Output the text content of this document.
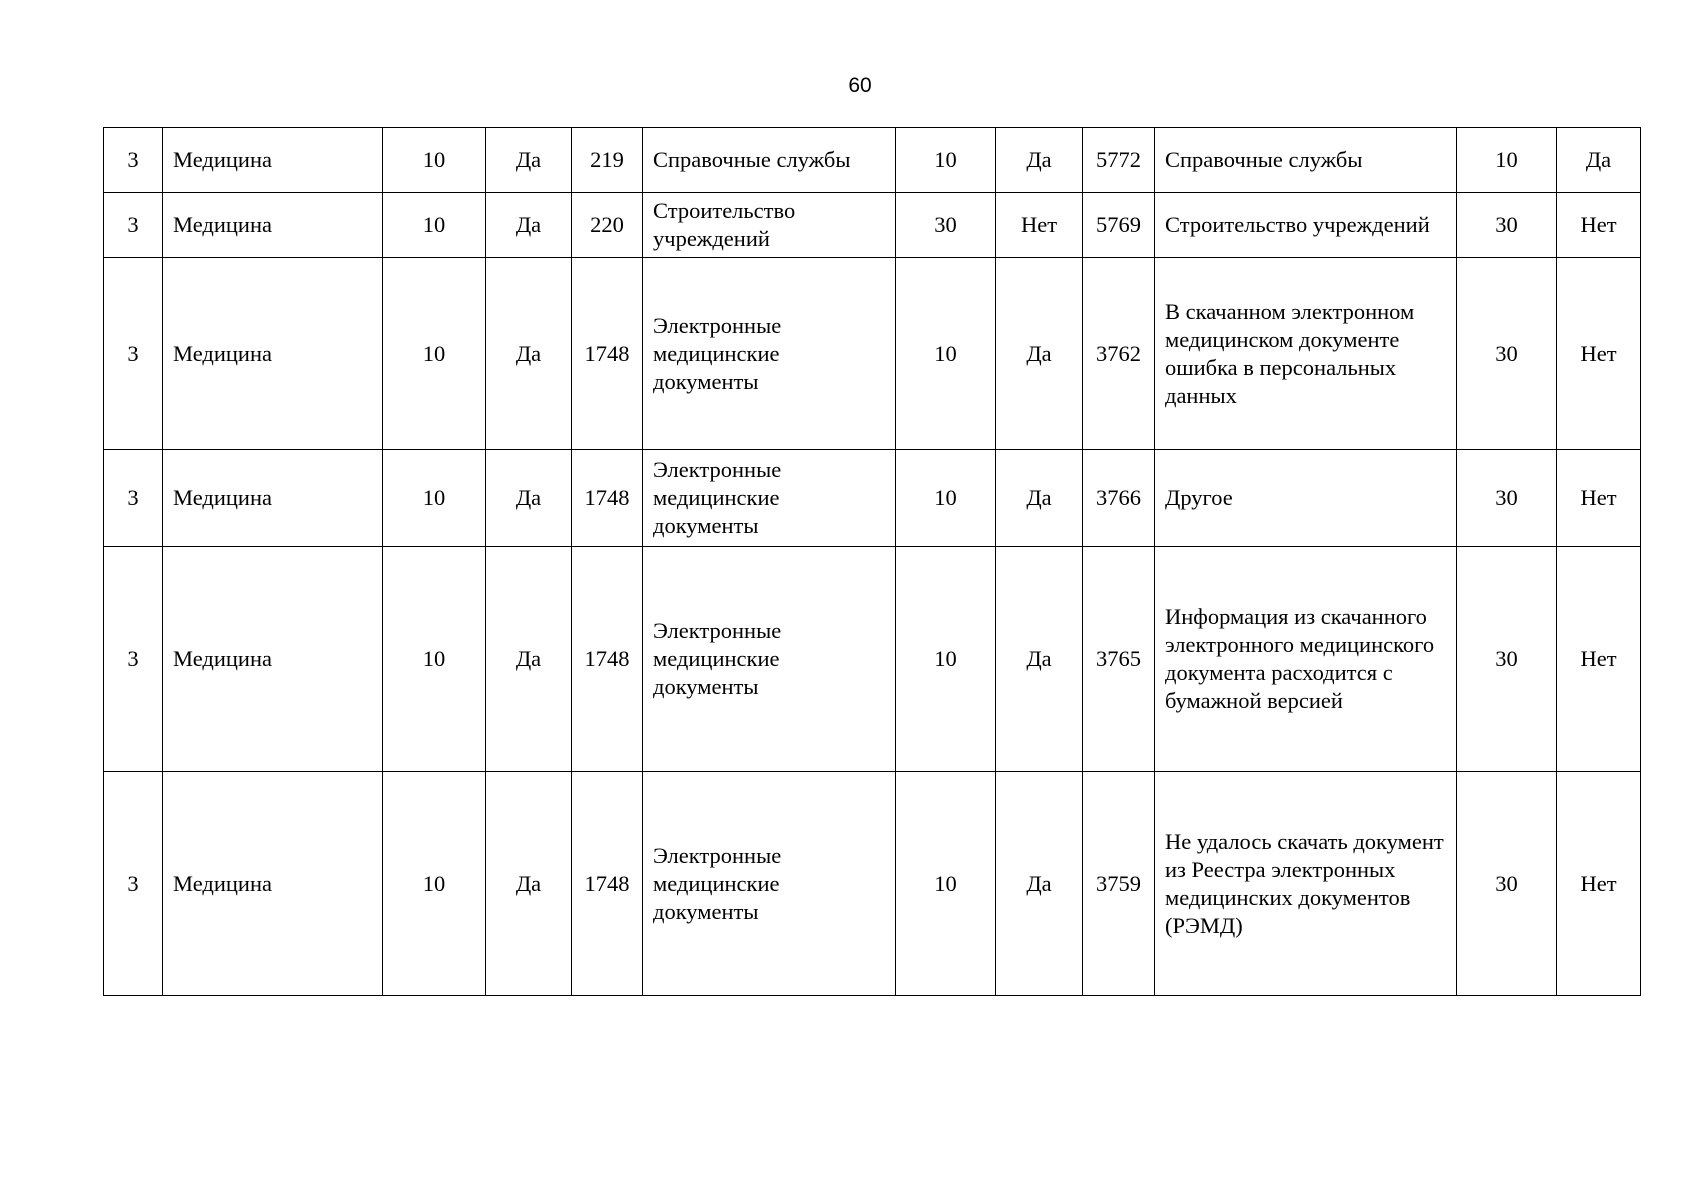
60
3	Медицина	10	Да	219	Справочные службы	10	Да	5772	Справочные службы	10	Да
3	Медицина	10	Да	220	Строительство учреждений	30	Нет	5769	Строительство учреждений	30	Нет
3	Медицина	10	Да	1748	Электронные медицинские документы	10	Да	3762	В скачанном электронном медицинском документе ошибка в персональных данных	30	Нет
3	Медицина	10	Да	1748	Электронные медицинские документы	10	Да	3766	Другое	30	Нет
3	Медицина	10	Да	1748	Электронные медицинские документы	10	Да	3765	Информация из скачанного электронного медицинского документа расходится с бумажной версией	30	Нет
3	Медицина	10	Да	1748	Электронные медицинские документы	10	Да	3759	Не удалось скачать документ из Реестра электронных медицинских документов (РЭМД)	30	Нет
